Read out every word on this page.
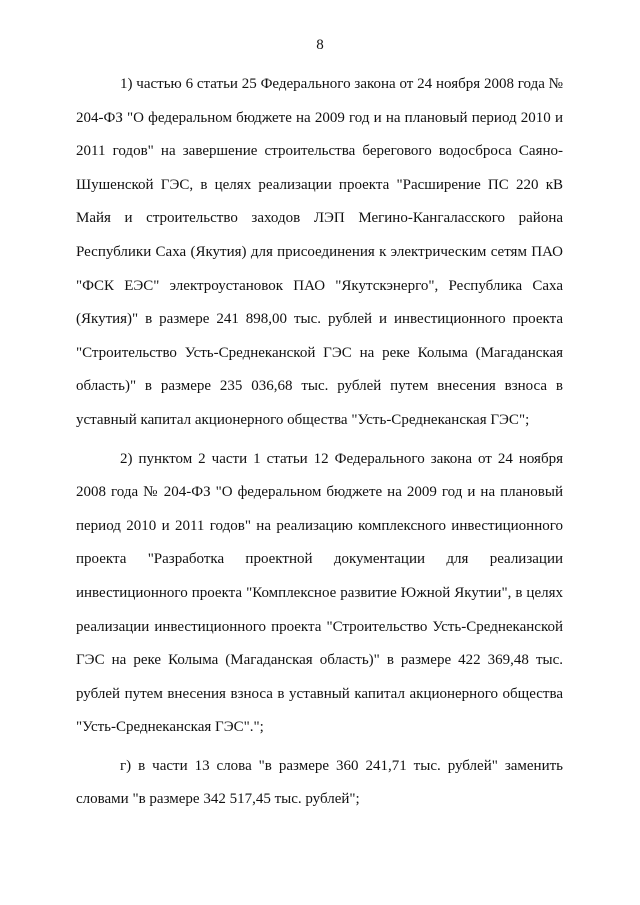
8

1) частью 6 статьи 25 Федерального закона от 24 ноября 2008 года № 204-ФЗ "О федеральном бюджете на 2009 год и на плановый период 2010 и 2011 годов" на завершение строительства берегового водосброса Саяно-Шушенской ГЭС, в целях реализации проекта "Расширение ПС 220 кВ Майя и строительство заходов ЛЭП Мегино-Кангаласского района Республики Саха (Якутия) для присоединения к электрическим сетям ПАО "ФСК ЕЭС" электроустановок ПАО "Якутскэнерго", Республика Саха (Якутия)" в размере 241 898,00 тыс. рублей и инвестиционного проекта "Строительство Усть-Среднеканской ГЭС на реке Колыма (Магаданская область)" в размере 235 036,68 тыс. рублей путем внесения взноса в уставный капитал акционерного общества "Усть-Среднеканская ГЭС";

2) пунктом 2 части 1 статьи 12 Федерального закона от 24 ноября 2008 года № 204-ФЗ "О федеральном бюджете на 2009 год и на плановый период 2010 и 2011 годов" на реализацию комплексного инвестиционного проекта "Разработка проектной документации для реализации инвестиционного проекта "Комплексное развитие Южной Якутии", в целях реализации инвестиционного проекта "Строительство Усть-Среднеканской ГЭС на реке Колыма (Магаданская область)" в размере 422 369,48 тыс. рублей путем внесения взноса в уставный капитал акционерного общества "Усть-Среднеканская ГЭС".";

г) в части 13 слова "в размере 360 241,71 тыс. рублей" заменить словами "в размере 342 517,45 тыс. рублей";
